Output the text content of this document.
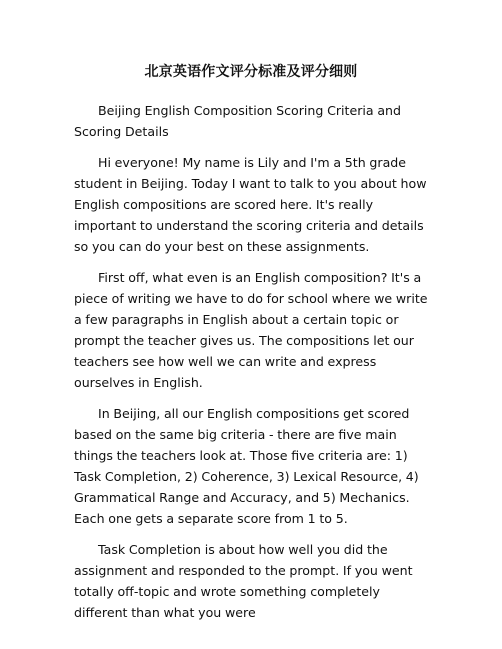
北京英语作文评分标准及评分细则

Beijing English Composition Scoring Criteria and Scoring Details

Hi everyone! My name is Lily and I'm a 5th grade student in Beijing. Today I want to talk to you about how English compositions are scored here. It's really important to understand the scoring criteria and details so you can do your best on these assignments.

First off, what even is an English composition? It's a piece of writing we have to do for school where we write a few paragraphs in English about a certain topic or prompt the teacher gives us. The compositions let our teachers see how well we can write and express ourselves in English.

In Beijing, all our English compositions get scored based on the same big criteria - there are five main things the teachers look at. Those five criteria are: 1) Task Completion, 2) Coherence, 3) Lexical Resource, 4) Grammatical Range and Accuracy, and 5) Mechanics. Each one gets a separate score from 1 to 5.

Task Completion is about how well you did the assignment and responded to the prompt. If you went totally off-topic and wrote something completely different than what you were
